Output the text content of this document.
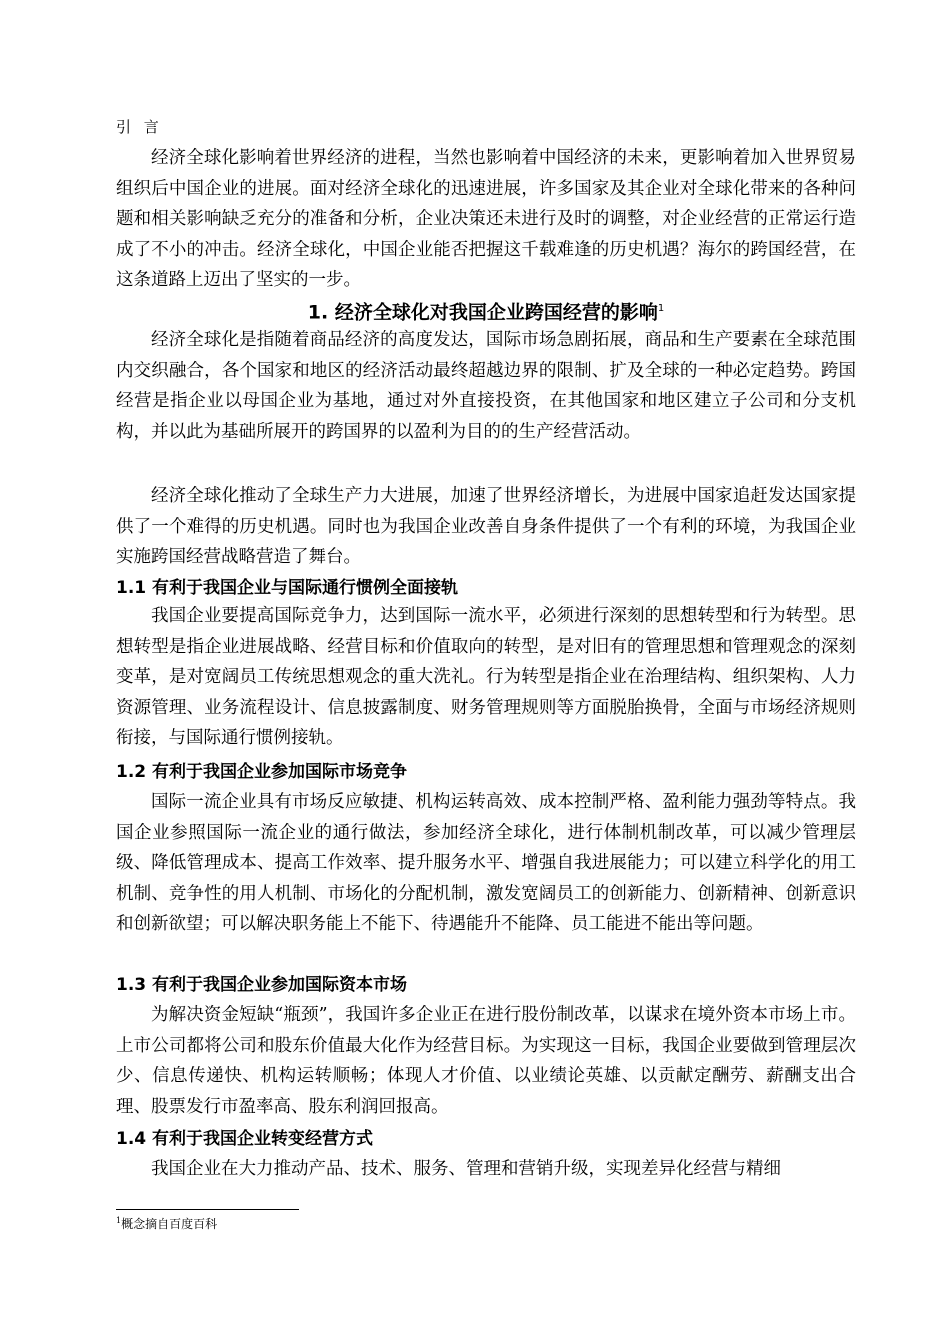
引 言

经济全球化影响着世界经济的进程，当然也影响着中国经济的未来，更影响着加入世界贸易组织后中国企业的进展。面对经济全球化的迅速进展，许多国家及其企业对全球化带来的各种问题和相关影响缺乏充分的准备和分析，企业决策还未进行及时的调整，对企业经营的正常运行造成了不小的冲击。经济全球化，中国企业能否把握这千载难逢的历史机遇？海尔的跨国经营，在这条道路上迈出了坚实的一步。

1. 经济全球化对我国企业跨国经营的影响$^1$

经济全球化是指随着商品经济的高度发达，国际市场急剧拓展，商品和生产要素在全球范围内交织融合，各个国家和地区的经济活动最终超越边界的限制、扩及全球的一种必定趋势。跨国经营是指企业以母国企业为基地，通过对外直接投资，在其他国家和地区建立子公司和分支机构，并以此为基础所展开的跨国界的以盈利为目的的生产经营活动。

经济全球化推动了全球生产力大进展，加速了世界经济增长，为进展中国家追赶发达国家提供了一个难得的历史机遇。同时也为我国企业改善自身条件提供了一个有利的环境，为我国企业实施跨国经营战略营造了舞台。

1.1 有利于我国企业与国际通行惯例全面接轨

我国企业要提高国际竞争力，达到国际一流水平，必须进行深刻的思想转型和行为转型。思想转型是指企业进展战略、经营目标和价值取向的转型，是对旧有的管理思想和管理观念的深刻变革，是对宽阔员工传统思想观念的重大洗礼。行为转型是指企业在治理结构、组织架构、人力资源管理、业务流程设计、信息披露制度、财务管理规则等方面脱胎换骨，全面与市场经济规则衔接，与国际通行惯例接轨。

1.2 有利于我国企业参加国际市场竞争

国际一流企业具有市场反应敏捷、机构运转高效、成本控制严格、盈利能力强劲等特点。我国企业参照国际一流企业的通行做法，参加经济全球化，进行体制机制改革，可以减少管理层级、降低管理成本、提高工作效率、提升服务水平、增强自我进展能力；可以建立科学化的用工机制、竞争性的用人机制、市场化的分配机制，激发宽阔员工的创新能力、创新精神、创新意识和创新欲望；可以解决职务能上不能下、待遇能升不能降、员工能进不能出等问题。

1.3 有利于我国企业参加国际资本市场

为解决资金短缺“瓶颈”，我国许多企业正在进行股份制改革，以谋求在境外资本市场上市。上市公司都将公司和股东价值最大化作为经营目标。为实现这一目标，我国企业要做到管理层次少、信息传递快、机构运转顺畅；体现人才价值、以业绩论英雄、以贡献定酬劳、薪酬支出合理、股票发行市盈率高、股东利润回报高。

1.4 有利于我国企业转变经营方式

我国企业在大力推动产品、技术、服务、管理和营销升级，实现差异化经营与精细

$^1$概念摘自百度百科
